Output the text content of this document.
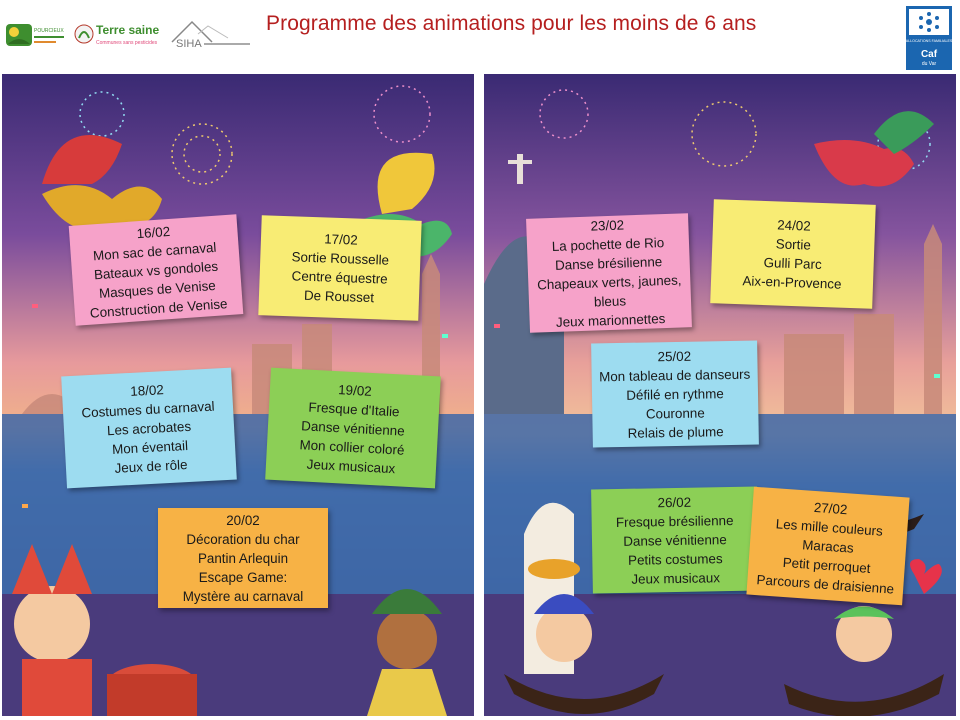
POURCIEUX	Terre saine
Communes sans pesticides SIHA
Programme des animations pour les moins de 6 ans
ALLOCATIONS FAMILIALES
Caf
du Var
16/02
Mon sac de carnaval
Bateaux vs gondoles
Masques de Venise
Construction de Venise
17/02
Sortie Rousselle
Centre équestre
De Rousset
18/02
Costumes du carnaval
Les acrobates
Mon éventail
Jeux de rôle
19/02
Fresque d'Italie
Danse vénitienne
Mon collier coloré
Jeux musicaux
20/02
Décoration du char
Pantin Arlequin
Escape Game:
Mystère au carnaval
23/02
La pochette de Rio
Danse brésilienne
Chapeaux verts, jaunes,
bleus
Jeux marionnettes
24/02
Sortie
Gulli Parc
Aix-en-Provence
25/02
Mon tableau de danseurs
Défilé en rythme
Couronne
Relais de plume
26/02
Fresque brésilienne
Danse vénitienne
Petits costumes
Jeux musicaux
27/02
Les mille couleurs
Maracas
Petit perroquet
Parcours de draisienne
